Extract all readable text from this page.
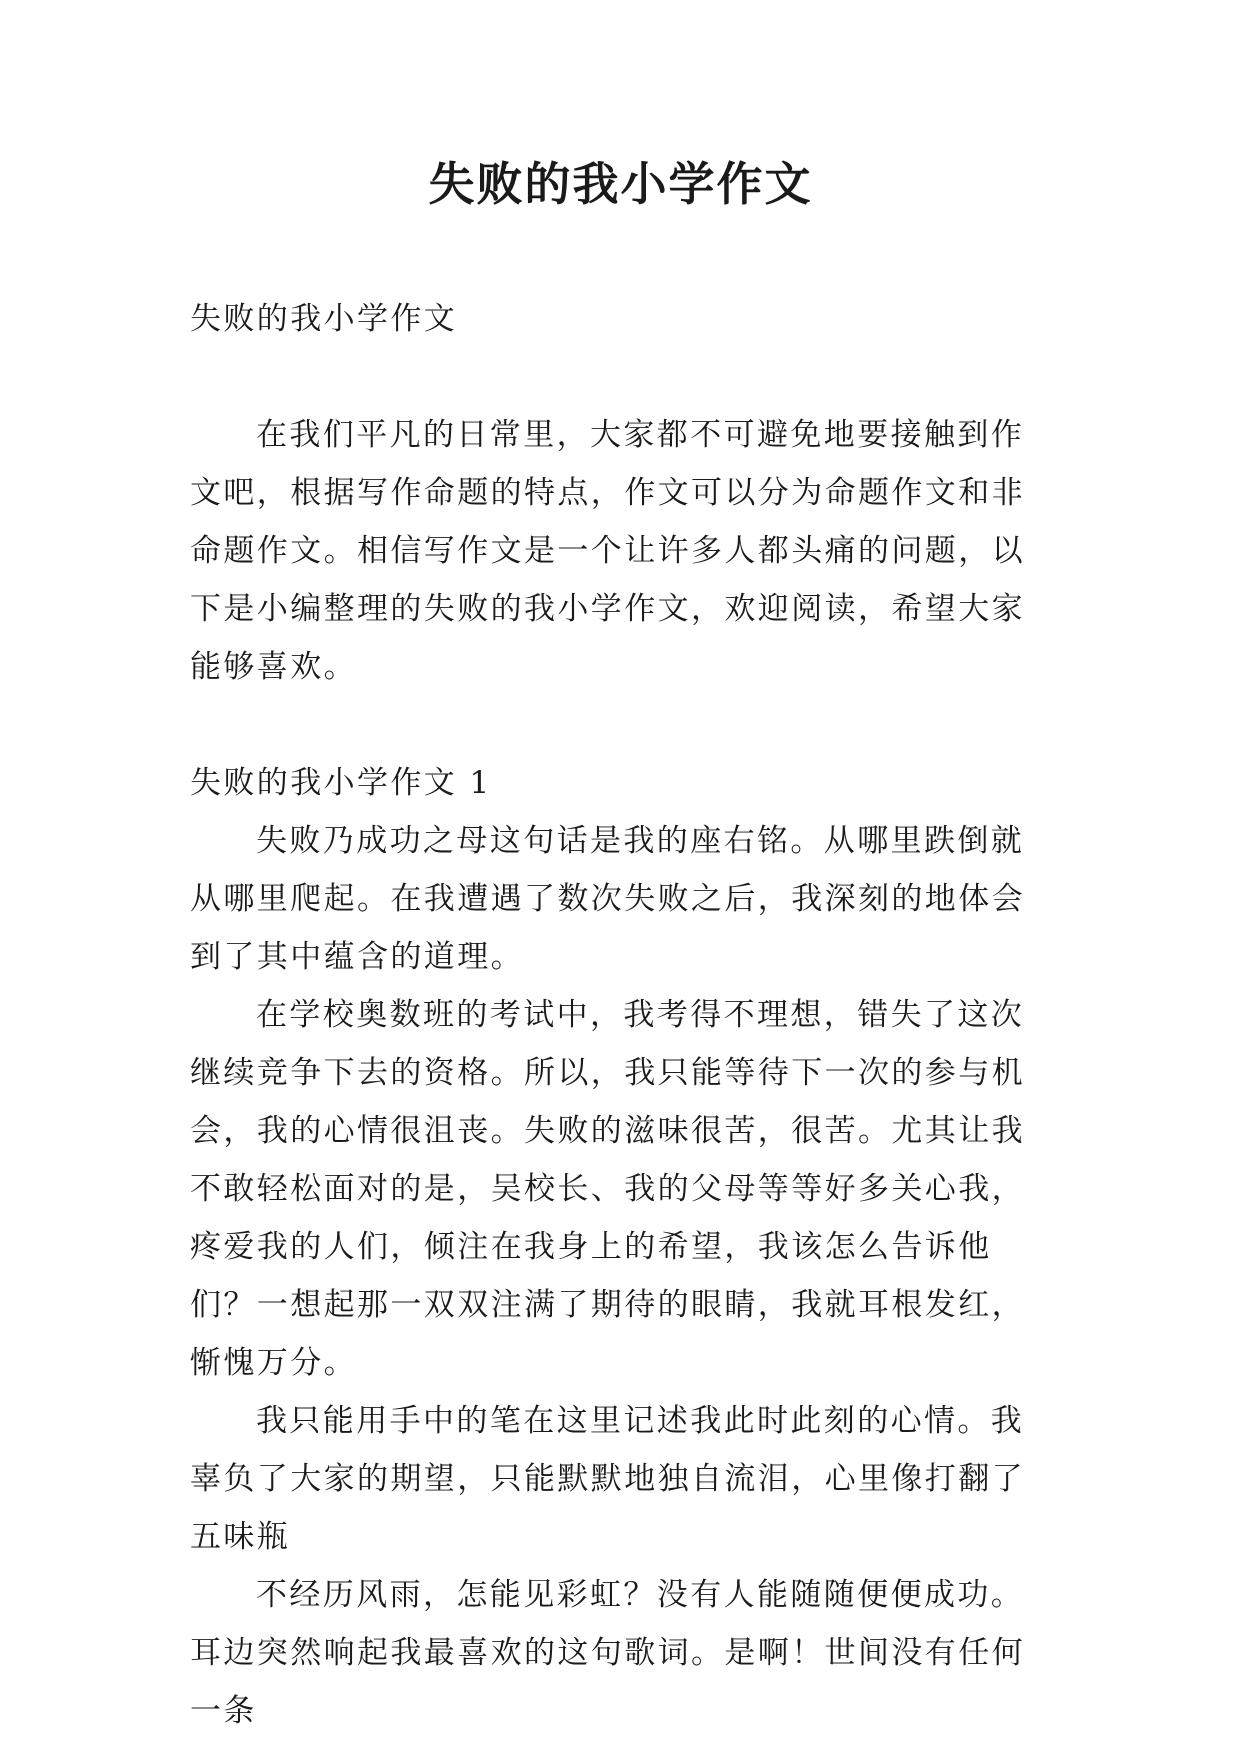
失败的我小学作文

失败的我小学作文

在我们平凡的日常里，大家都不可避免地要接触到作文吧，根据写作命题的特点，作文可以分为命题作文和非命题作文。相信写作文是一个让许多人都头痛的问题，以下是小编整理的失败的我小学作文，欢迎阅读，希望大家能够喜欢。

失败的我小学作文 1

失败乃成功之母这句话是我的座右铭。从哪里跌倒就从哪里爬起。在我遭遇了数次失败之后，我深刻的地体会到了其中蕴含的道理。

在学校奥数班的考试中，我考得不理想，错失了这次继续竞争下去的资格。所以，我只能等待下一次的参与机会，我的心情很沮丧。失败的滋味很苦，很苦。尤其让我不敢轻松面对的是，吴校长、我的父母等等好多关心我，疼爱我的人们，倾注在我身上的希望，我该怎么告诉他们？一想起那一双双注满了期待的眼睛，我就耳根发红，惭愧万分。

我只能用手中的笔在这里记述我此时此刻的心情。我辜负了大家的期望，只能默默地独自流泪，心里像打翻了五味瓶

不经历风雨，怎能见彩虹？没有人能随随便便成功。耳边突然响起我最喜欢的这句歌词。是啊！世间没有任何一条
